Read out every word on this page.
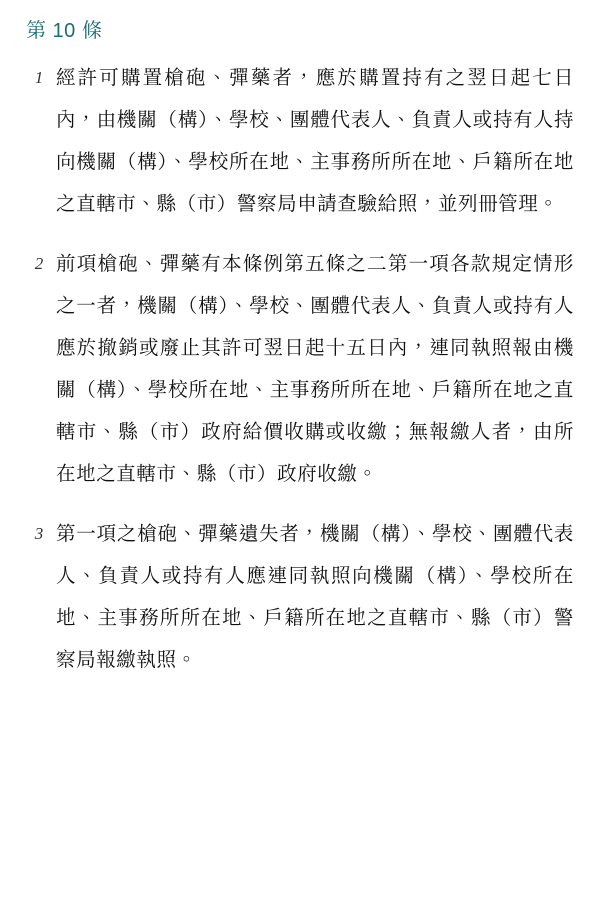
第 10 條
1 經許可購置槍砲、彈藥者，應於購置持有之翌日起七日內，由機關（構）、學校、團體代表人、負責人或持有人持向機關（構）、學校所在地、主事務所所在地、戶籍所在地之直轄市、縣（市）警察局申請查驗給照，並列冊管理。
2 前項槍砲、彈藥有本條例第五條之二第一項各款規定情形之一者，機關（構）、學校、團體代表人、負責人或持有人應於撤銷或廢止其許可翌日起十五日內，連同執照報由機關（構）、學校所在地、主事務所所在地、戶籍所在地之直轄市、縣（市）政府給價收購或收繳；無報繳人者，由所在地之直轄市、縣（市）政府收繳。
3 第一項之槍砲、彈藥遺失者，機關（構）、學校、團體代表人、負責人或持有人應連同執照向機關（構）、學校所在地、主事務所所在地、戶籍所在地之直轄市、縣（市）警察局報繳執照。
